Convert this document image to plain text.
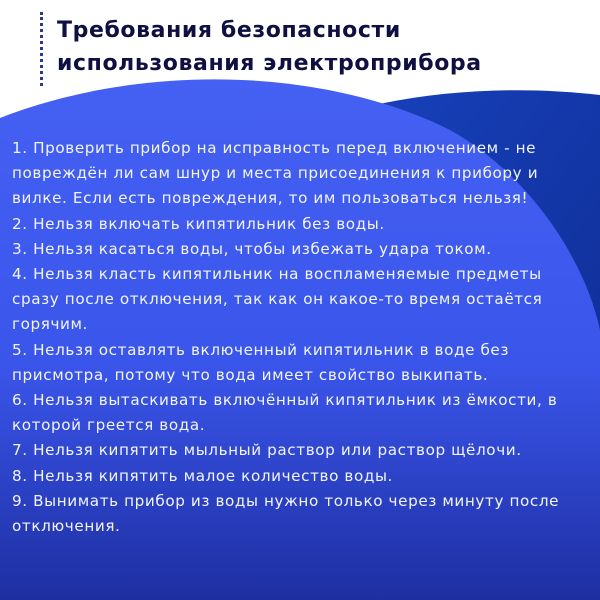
Требования безопасности
использования электроприбора
1. Проверить прибор на исправность перед включением - не повреждён ли сам шнур и места присоединения к прибору и вилке. Если есть повреждения, то им пользоваться нельзя!
2. Нельзя включать кипятильник без воды.
3. Нельзя касаться воды, чтобы избежать удара током.
4. Нельзя класть кипятильник на воспламеняемые предметы сразу после отключения, так как он какое-то время остаётся горячим.
5. Нельзя оставлять включенный кипятильник в воде без присмотра, потому что вода имеет свойство выкипать.
6. Нельзя вытаскивать включённый кипятильник из ёмкости, в которой греется вода.
7. Нельзя кипятить мыльный раствор или раствор щёлочи.
8. Нельзя кипятить малое количество воды.
9. Вынимать прибор из воды нужно только через минуту после отключения.
